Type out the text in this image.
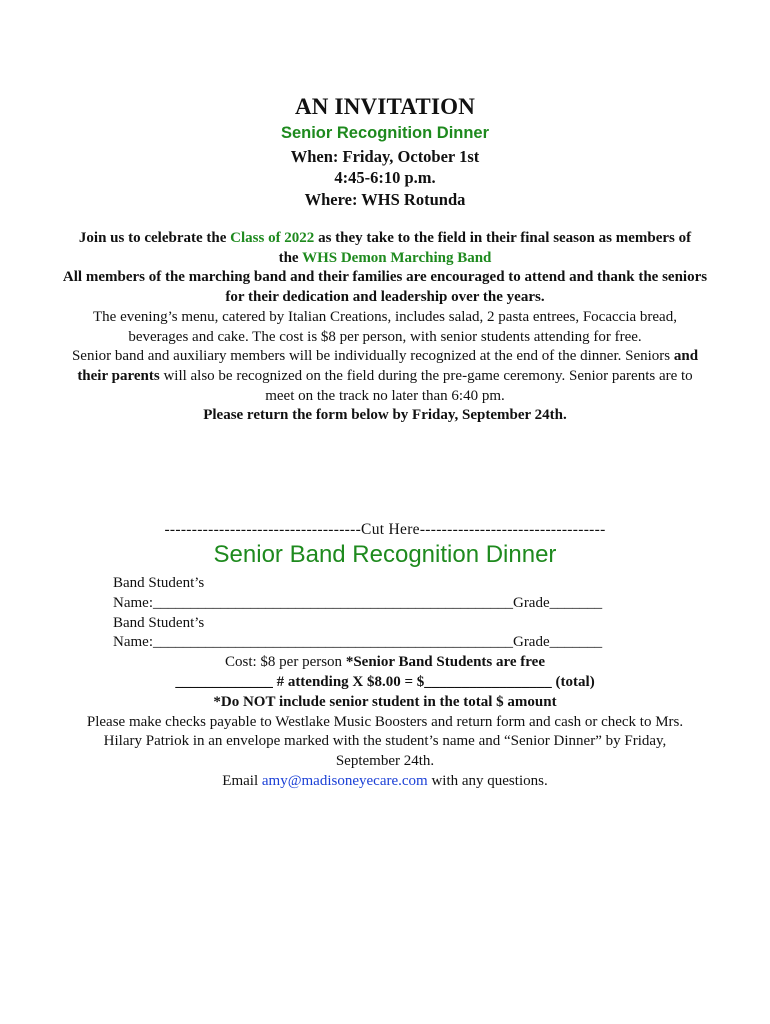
AN INVITATION
Senior Recognition Dinner
When: Friday, October 1st
4:45-6:10 p.m.
Where: WHS Rotunda
Join us to celebrate the Class of 2022 as they take to the field in their final season as members of the WHS Demon Marching Band
All members of the marching band and their families are encouraged to attend and thank the seniors for their dedication and leadership over the years.
The evening’s menu, catered by Italian Creations, includes salad, 2 pasta entrees, Focaccia bread, beverages and cake. The cost is $8 per person, with senior students attending for free.
Senior band and auxiliary members will be individually recognized at the end of the dinner. Seniors and their parents will also be recognized on the field during the pre-game ceremony. Senior parents are to meet on the track no later than 6:40 pm.
Please return the form below by Friday, September 24th.
------------------------------------Cut Here----------------------------------
Senior Band Recognition Dinner
Band Student’s Name:________________________________________________Grade_______
Band Student’s Name:________________________________________________Grade_______
Cost: $8 per person *Senior Band Students are free
_____________ # attending X $8.00 = $_________________ (total)
*Do NOT include senior student in the total $ amount
Please make checks payable to Westlake Music Boosters and return form and cash or check to Mrs. Hilary Patriok in an envelope marked with the student’s name and “Senior Dinner” by Friday, September 24th.
Email amy@madisoneyecare.com with any questions.
